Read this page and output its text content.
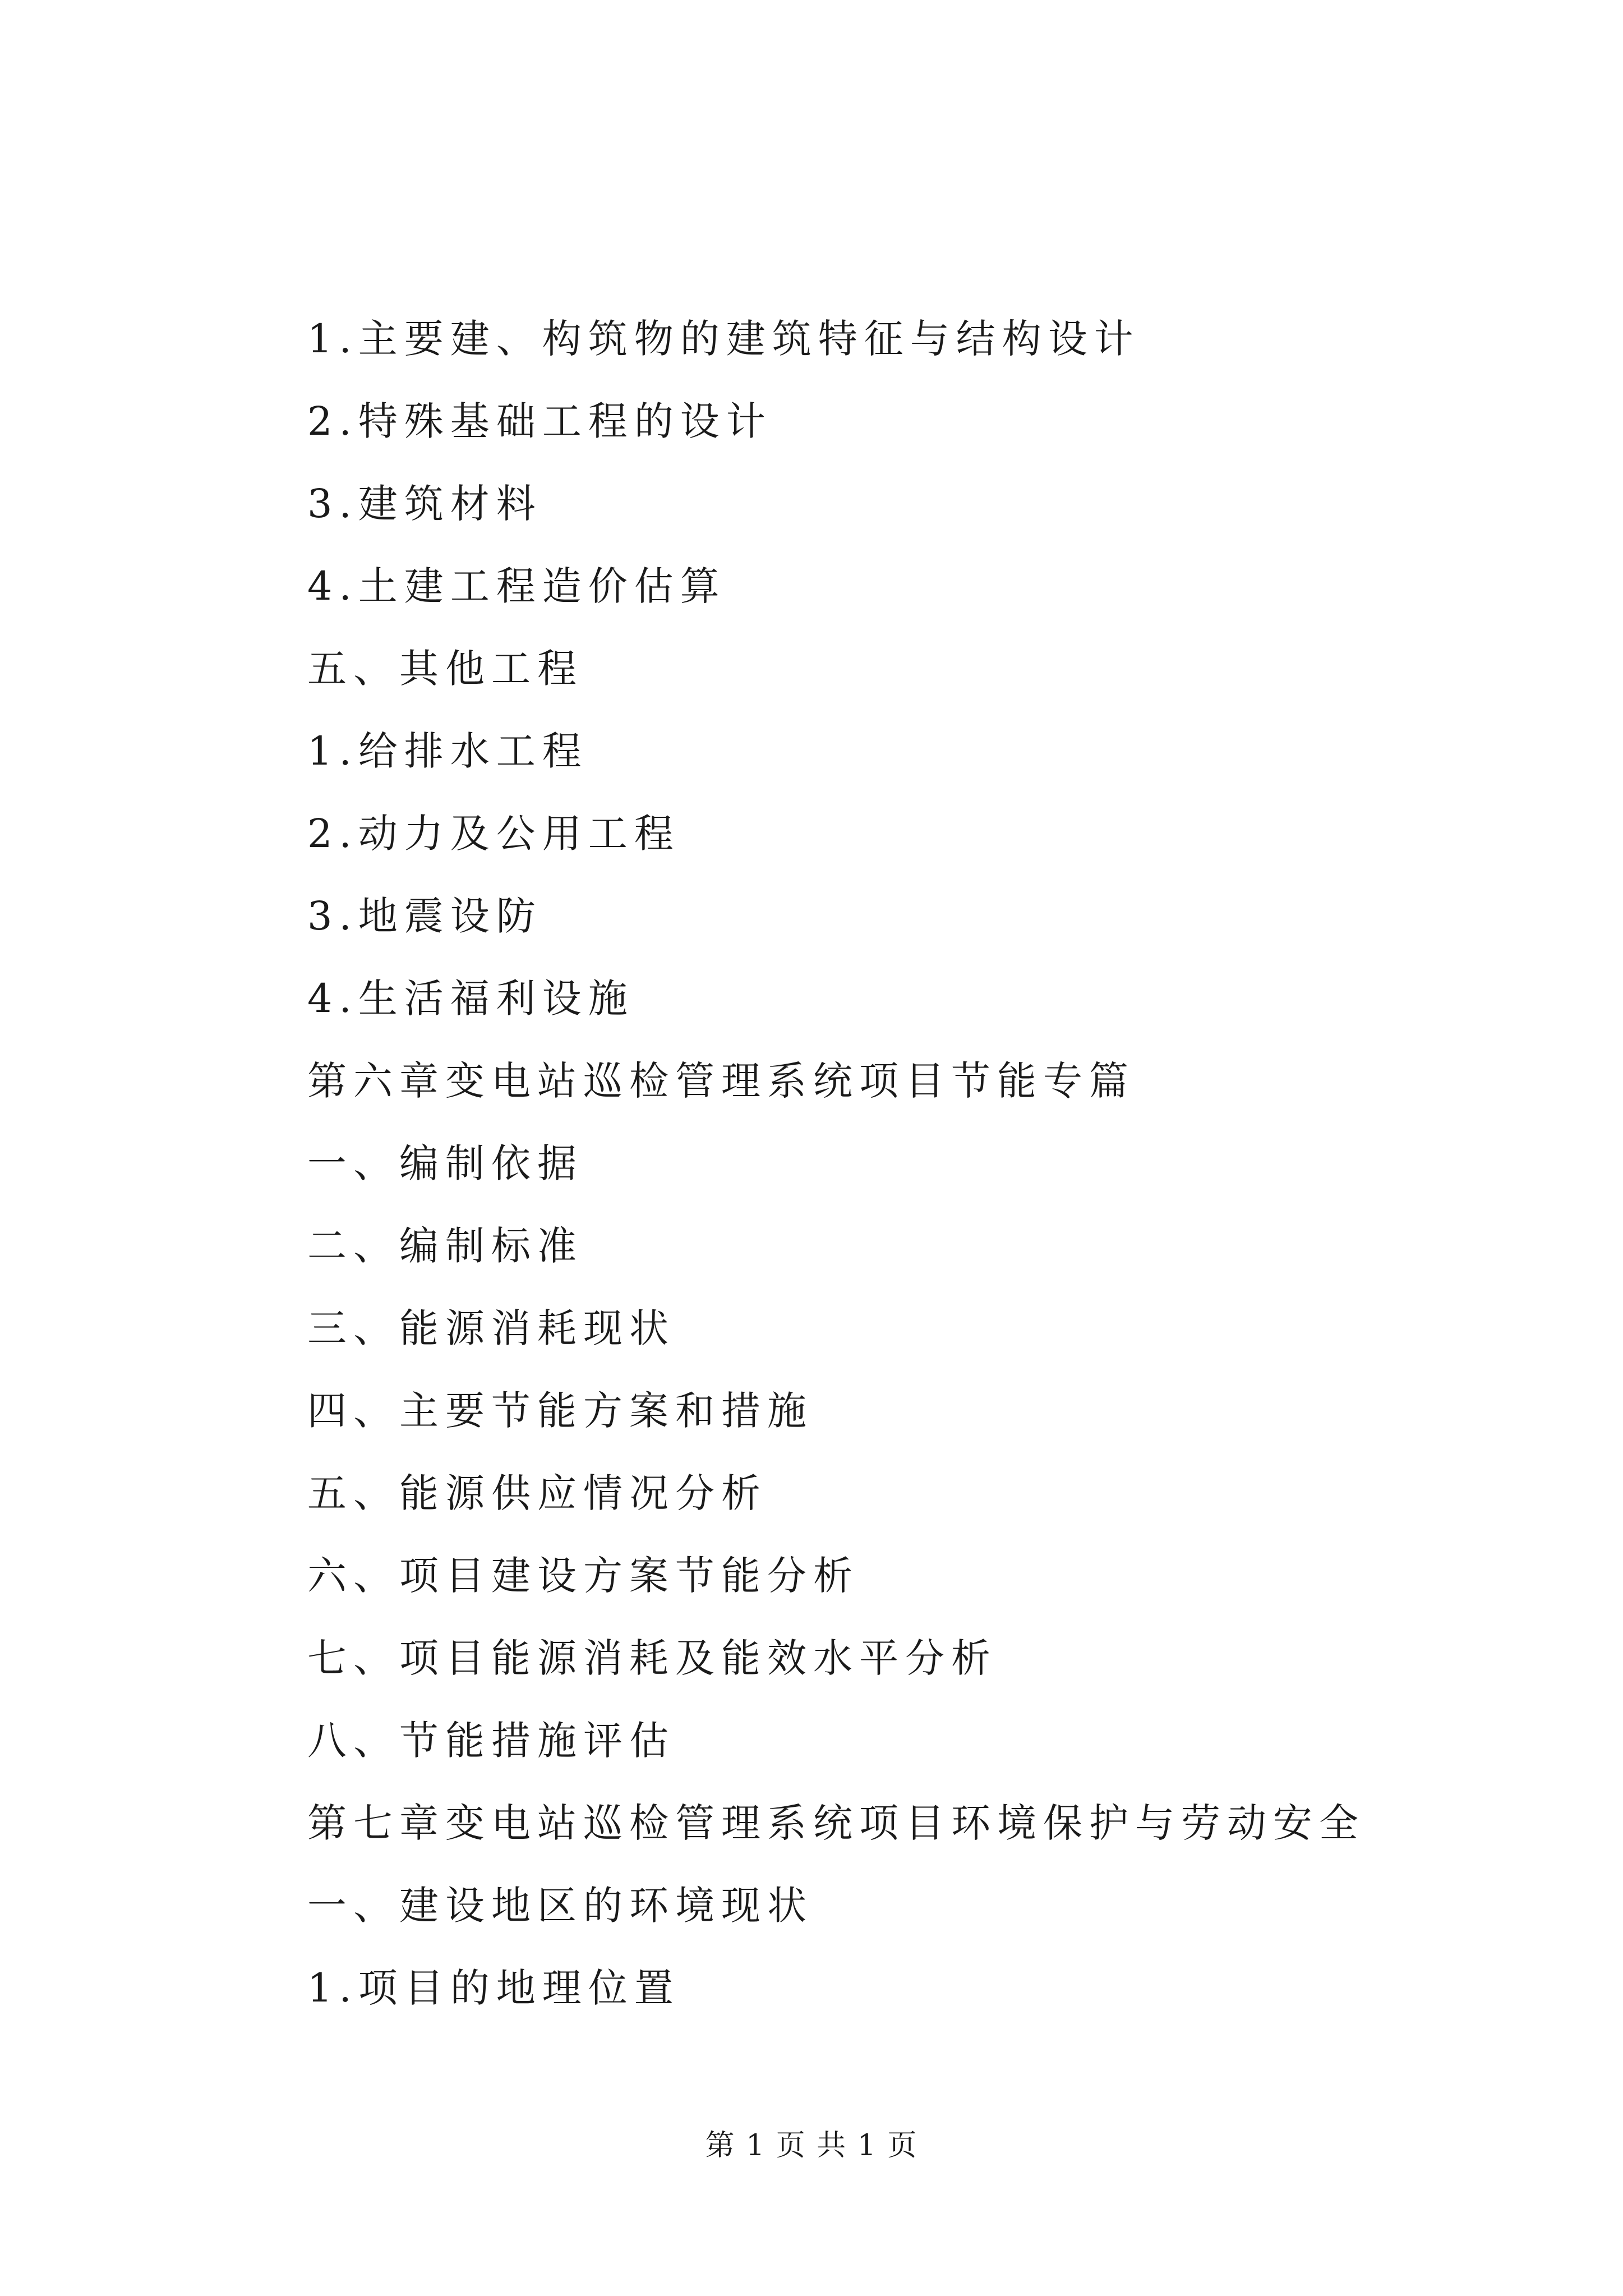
1.主要建、构筑物的建筑特征与结构设计
2.特殊基础工程的设计
3.建筑材料
4.土建工程造价估算
五、其他工程
1.给排水工程
2.动力及公用工程
3.地震设防
4.生活福利设施
第六章变电站巡检管理系统项目节能专篇
一、编制依据
二、编制标准
三、能源消耗现状
四、主要节能方案和措施
五、能源供应情况分析
六、项目建设方案节能分析
七、项目能源消耗及能效水平分析
八、节能措施评估
第七章变电站巡检管理系统项目环境保护与劳动安全
一、建设地区的环境现状
1.项目的地理位置
第 1 页 共 1 页
